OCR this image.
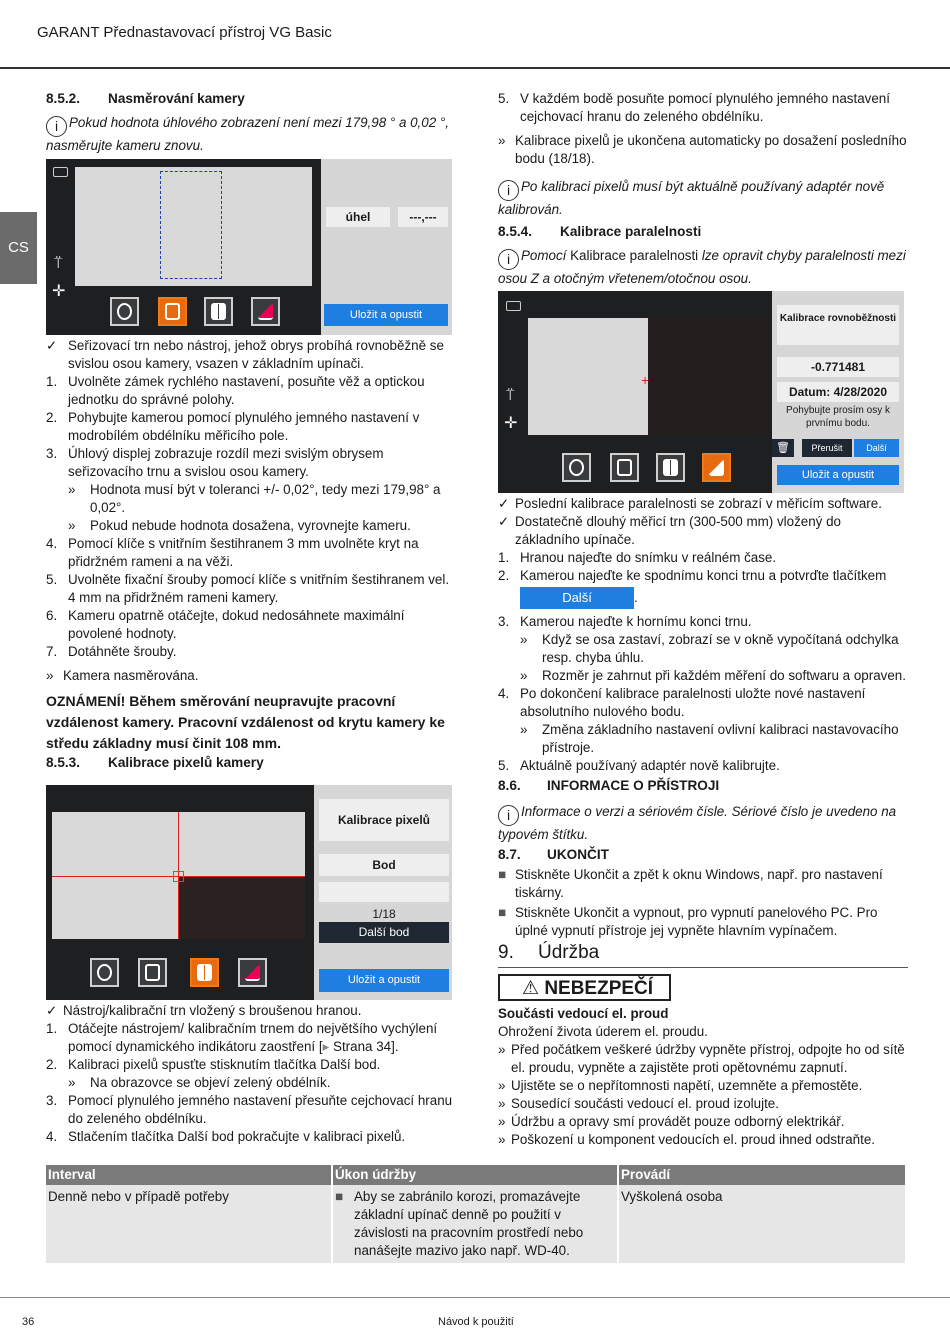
GARANT Přednastavovací přístroj VG Basic
CS
8.5.2.	Nasměrování kamery
i Pokud hodnota úhlového zobrazení není mezi 179,98 ° a 0,02 °, nasměrujte kameru znovu.
⍡
✛
úhel	---,---
Uložit a opustit
✓ Seřizovací trn nebo nástroj, jehož obrys probíhá rovnoběžně se svislou osou kamery, vsazen v základním upínači.
1. Uvolněte zámek rychlého nastavení, posuňte věž a optickou jednotku do správné polohy.
2. Pohybujte kamerou pomocí plynulého jemného nastavení v modrobílém obdélníku měřicího pole.
3. Úhlový displej zobrazuje rozdíl mezi svislým obrysem seřizovacího trnu a svislou osou kamery.
»	Hodnota musí být v toleranci +/- 0,02°, tedy mezi 179,98° a 0,02°.
»	Pokud nebude hodnota dosažena, vyrovnejte kameru.
4. Pomocí klíče s vnitřním šestihranem 3 mm uvolněte kryt na přidržném rameni a na věži.
5. Uvolněte fixační šrouby pomocí klíče s vnitřním šestihranem vel. 4 mm na přidržném rameni kamery.
6. Kameru opatrně otáčejte, dokud nedosáhnete maximální povolené hodnoty.
7. Dotáhněte šrouby.
» Kamera nasměrována.
OZNÁMENÍ! Během směrování neupravujte pracovní vzdálenost kamery. Pracovní vzdálenost od krytu kamery ke středu základny musí činit 108 mm.
8.5.3.	Kalibrace pixelů kamery
Kalibrace pixelů
Bod
1/18
Další bod
Uložit a opustit
✓ Nástroj/kalibrační trn vložený s broušenou hranou.
1. Otáčejte nástrojem/ kalibračním trnem do největšího vychýlení pomocí dynamického indikátoru zaostření [▸ Strana 34].
2. Kalibraci pixelů spusťte stisknutím tlačítka Další bod.
»	Na obrazovce se objeví zelený obdélník.
3. Pomocí plynulého jemného nastavení přesuňte cejchovací hranu do zeleného obdélníku.
4. Stlačením tlačítka Další bod pokračujte v kalibraci pixelů.
5. V každém bodě posuňte pomocí plynulého jemného nastavení cejchovací hranu do zeleného obdélníku.
» Kalibrace pixelů je ukončena automaticky po dosažení posledního bodu (18/18).
i Po kalibraci pixelů musí být aktuálně používaný adaptér nově kalibrován.
8.5.4.	Kalibrace paralelnosti
i Pomocí Kalibrace paralelnosti lze opravit chyby paralelnosti mezi osou Z a otočným vřetenem/otočnou osou.
+
⍡
✛
Kalibrace rovnoběžnosti
-0.771481
Datum: 4/28/2020
Pohybujte prosím osy k prvnímu bodu.
🗑	Přerušit	Další
Uložit a opustit
✓ Poslední kalibrace paralelnosti se zobrazí v měřicím software.
✓ Dostatečně dlouhý měřicí trn (300-500 mm) vložený do základního upínače.
1. Hranou najeďte do snímku v reálném čase.
2. Kamerou najeďte ke spodnímu konci trnu a potvrďte tlačítkem
Další	.
3. Kamerou najeďte k hornímu konci trnu.
»	Když se osa zastaví, zobrazí se v okně vypočítaná odchylka resp. chyba úhlu.
»	Rozměr je zahrnut při každém měření do softwaru a opraven.
4. Po dokončení kalibrace paralelnosti uložte nové nastavení absolutního nulového bodu.
»	Změna základního nastavení ovlivní kalibraci nastavovacího přístroje.
5. Aktuálně používaný adaptér nově kalibrujte.
8.6.	INFORMACE O PŘÍSTROJI
i Informace o verzi a sériovém čísle. Sériové číslo je uvedeno na typovém štítku.
8.7.	UKONČIT
■ Stiskněte Ukončit a zpět k oknu Windows, např. pro nastavení tiskárny.
■ Stiskněte Ukončit a vypnout, pro vypnutí panelového PC. Pro úplné vypnutí přístroje jej vypněte hlavním vypínačem.
9.	Údržba
⚠ NEBEZPEČÍ
Součásti vedoucí el. proud
Ohrožení života úderem el. proudu.
» Před počátkem veškeré údržby vypněte přístroj, odpojte ho od sítě el. proudu, vypněte a zajistěte proti opětovnému zapnutí.
» Ujistěte se o nepřítomnosti napětí, uzemněte a přemostěte.
» Sousedící součásti vedoucí el. proud izolujte.
» Údržbu a opravy smí provádět pouze odborný elektrikář.
» Poškození u komponent vedoucích el. proud ihned odstraňte.
Interval	Úkon údržby	Provádí
Denně nebo v případě potřeby	■ Aby se zabránilo korozi, promazávejte základní upínač denně po použití v závislosti na pracovním prostředí nebo nanášejte mazivo jako např. WD-40.	Vyškolená osoba
36	Návod k použití
